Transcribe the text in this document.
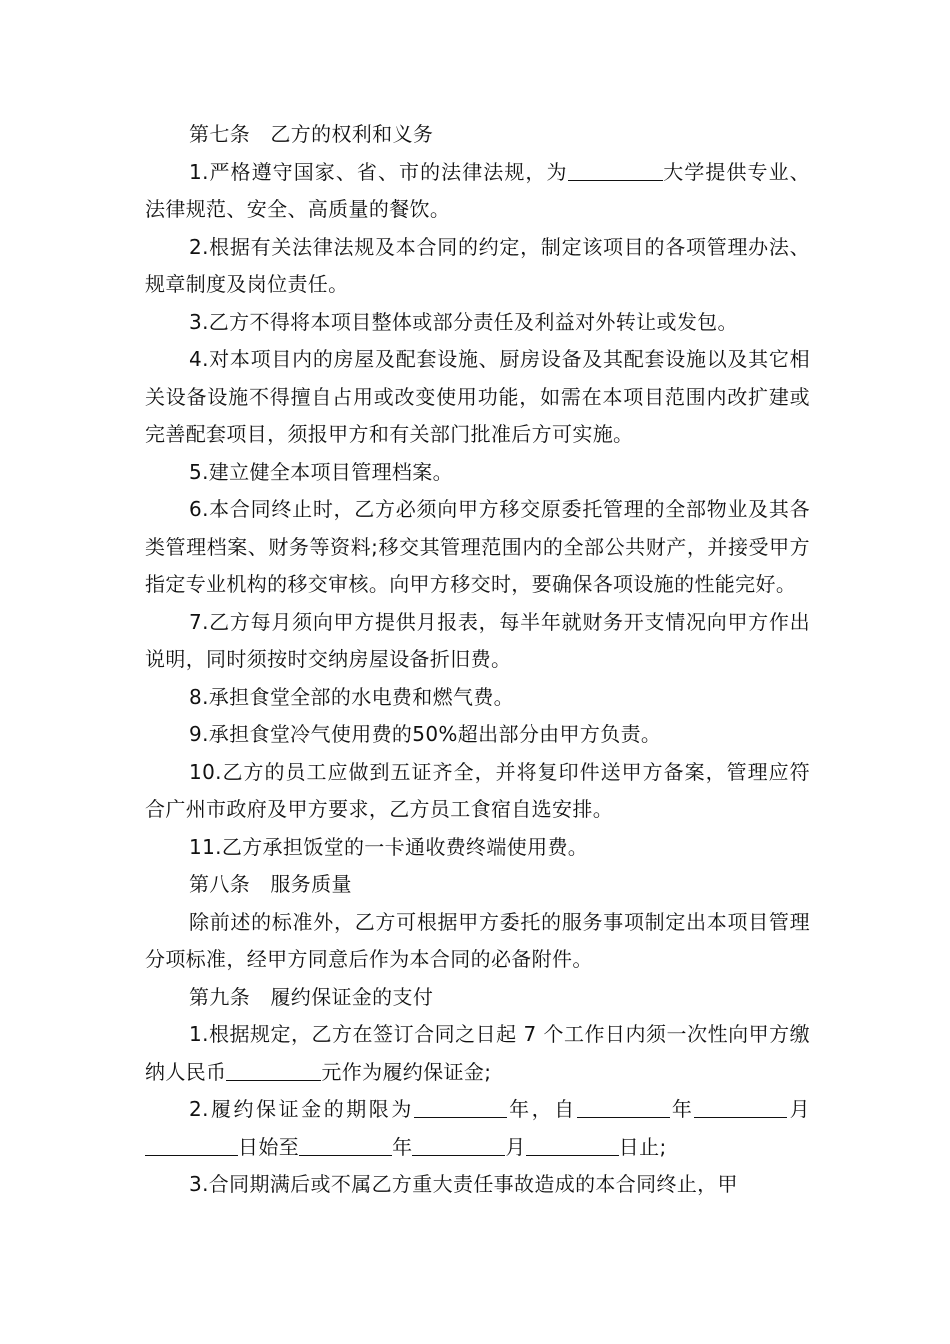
第七条　乙方的权利和义务

1.严格遵守国家、省、市的法律法规，为	大学提供专业、法律规范、安全、高质量的餐饮。

2.根据有关法律法规及本合同的约定，制定该项目的各项管理办法、规章制度及岗位责任。

3.乙方不得将本项目整体或部分责任及利益对外转让或发包。

4.对本项目内的房屋及配套设施、厨房设备及其配套设施以及其它相关设备设施不得擅自占用或改变使用功能，如需在本项目范围内改扩建或完善配套项目，须报甲方和有关部门批准后方可实施。

5.建立健全本项目管理档案。

6.本合同终止时，乙方必须向甲方移交原委托管理的全部物业及其各类管理档案、财务等资料;移交其管理范围内的全部公共财产，并接受甲方指定专业机构的移交审核。向甲方移交时，要确保各项设施的性能完好。

7.乙方每月须向甲方提供月报表，每半年就财务开支情况向甲方作出说明，同时须按时交纳房屋设备折旧费。

8.承担食堂全部的水电费和燃气费。

9.承担食堂冷气使用费的50%超出部分由甲方负责。

10.乙方的员工应做到五证齐全，并将复印件送甲方备案，管理应符合广州市政府及甲方要求，乙方员工食宿自选安排。

11.乙方承担饭堂的一卡通收费终端使用费。

第八条　服务质量

除前述的标准外，乙方可根据甲方委托的服务事项制定出本项目管理分项标准，经甲方同意后作为本合同的必备附件。

第九条　履约保证金的支付

1.根据规定，乙方在签订合同之日起 7 个工作日内须一次性向甲方缴纳人民币	元作为履约保证金;

2.履约保证金的期限为	年，自	年	月日始至	年	月	日止;

3.合同期满后或不属乙方重大责任事故造成的本合同终止，甲
